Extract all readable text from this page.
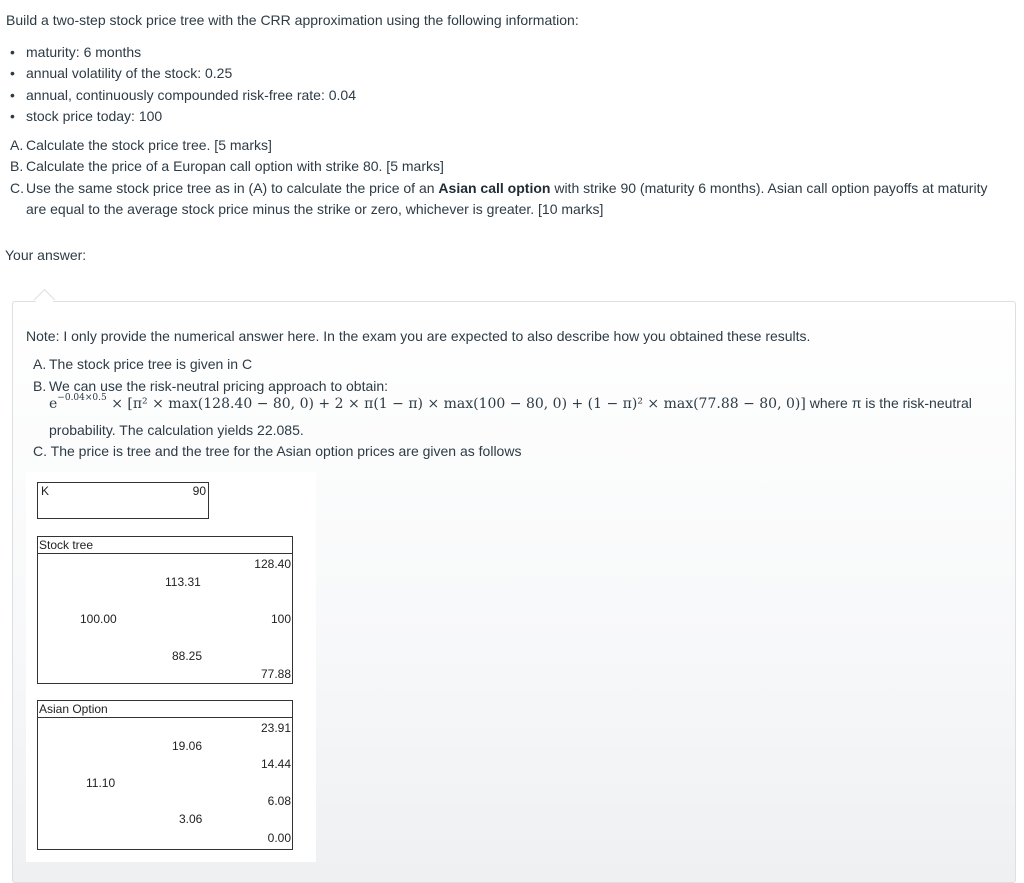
Build a two-step stock price tree with the CRR approximation using the following information:
• maturity: 6 months
• annual volatility of the stock: 0.25
• annual, continuously compounded risk-free rate: 0.04
• stock price today: 100
A. Calculate the stock price tree. [5 marks]
B. Calculate the price of a Europan call option with strike 80. [5 marks]
C. Use the same stock price tree as in (A) to calculate the price of an Asian call option with strike 90 (maturity 6 months). Asian call option payoffs at maturity are equal to the average stock price minus the strike or zero, whichever is greater. [10 marks]
Your answer:
Note: I only provide the numerical answer here. In the exam you are expected to also describe how you obtained these results.
A. The stock price tree is given in C
B. We can use the risk-neutral pricing approach to obtain:
$e^{-0.04\times 0.5} \times [\pi^2 \times \max(128.40 - 80$, 0) + 2 × π(1 − π) × max(100 − 80, 0) + (1 − π)² × max(77.88 − 80, 0)] where π is the risk-neutral
probability. The calculation yields 22.085.
C. The price is tree and the tree for the Asian option prices are given as follows
K	90
Stock tree
128.40
113.31
100.00	100
88.25
77.88
Asian Option
23.91
19.06
14.44
11.10
6.08
3.06
0.00
